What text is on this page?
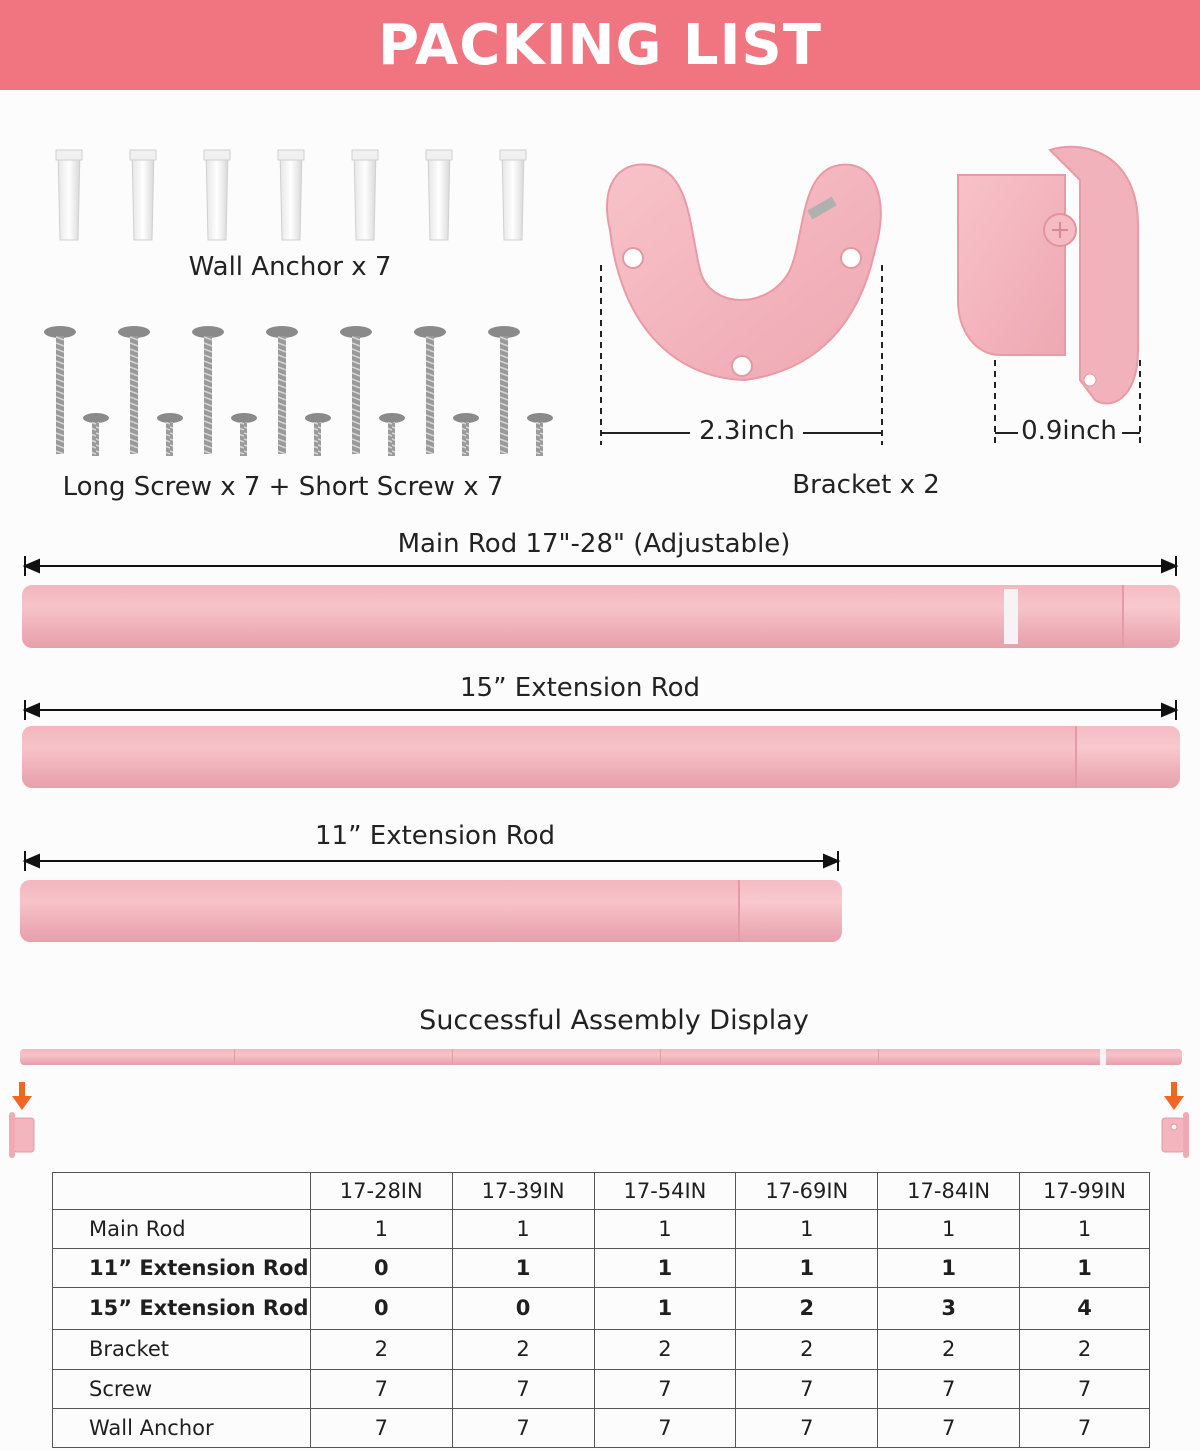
PACKING LIST
Wall Anchor x 7
Long Screw x 7 + Short Screw x 7
2.3inch	0.9inch
Bracket x 2
Main Rod 17"-28" (Adjustable)
15” Extension Rod
11” Extension Rod
Successful Assembly Display
	17-28IN	17-39IN	17-54IN	17-69IN	17-84IN	17-99IN
Main Rod	1	1	1	1	1	1
11” Extension Rod	0	1	1	1	1	1
15” Extension Rod	0	0	1	2	3	4
Bracket	2	2	2	2	2	2
Screw	7	7	7	7	7	7
Wall Anchor	7	7	7	7	7	7
